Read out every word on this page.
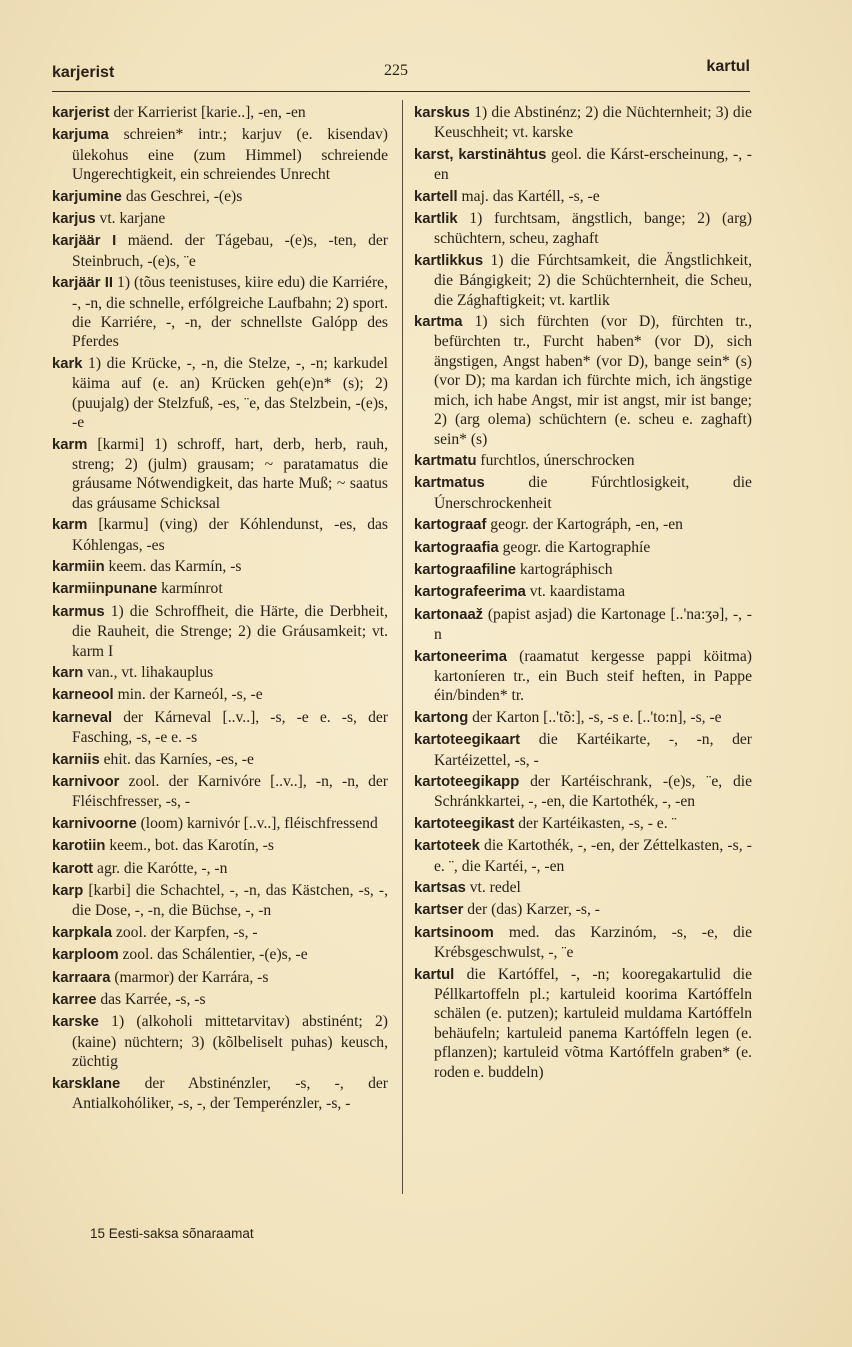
karjerist	225	kartul

karjerist der Karrierist [karie..], -en, -en

karjuma schreien* intr.; karjuv (e. kisendav) ülekohus eine (zum Himmel) schreiende Ungerechtigkeit, ein schreiendes Unrecht

karjumine das Geschrei, -(e)s

karjus vt. karjane

karjäär I mäend. der Tágebau, -(e)s, -ten, der Steinbruch, -(e)s, ¨e

karjäär II 1) (tõus teenistuses, kiire edu) die Karriére, -, -n, die schnelle, erfólgreiche Laufbahn; 2) sport. die Karriére, -, -n, der schnellste Galópp des Pferdes

kark 1) die Krücke, -, -n, die Stelze, -, -n; karkudel käima auf (e. an) Krücken geh(e)n* (s); 2) (puujalg) der Stelzfuß, -es, ¨e, das Stelzbein, -(e)s, -e

karm [karmi] 1) schroff, hart, derb, herb, rauh, streng; 2) (julm) grausam; ~ paratamatus die gráusame Nótwendigkeit, das harte Muß; ~ saatus das gráusame Schicksal

karm [karmu] (ving) der Kóhlendunst, -es, das Kóhlengas, -es

karmiin keem. das Karmín, -s

karmiinpunane karmínrot

karmus 1) die Schroffheit, die Härte, die Derbheit, die Rauheit, die Strenge; 2) die Gráusamkeit; vt. karm I

karn van., vt. lihakauplus

karneool min. der Karneól, -s, -e

karneval der Kárneval [..v..], -s, -e e. -s, der Fasching, -s, -e e. -s

karniis ehit. das Karníes, -es, -e

karnivoor zool. der Karnivóre [..v..], -n, -n, der Fléischfresser, -s, -

karnivoorne (loom) karnivór [..v..], fléischfressend

karotiin keem., bot. das Karotín, -s

karott agr. die Karótte, -, -n

karp [karbi] die Schachtel, -, -n, das Kästchen, -s, -, die Dose, -, -n, die Büchse, -, -n

karpkala zool. der Karpfen, -s, -

karploom zool. das Schálentier, -(e)s, -e

karraara (marmor) der Karrára, -s

karree das Karrée, -s, -s

karske 1) (alkoholi mittetarvitav) abstinént; 2) (kaine) nüchtern; 3) (kõlbeliselt puhas) keusch, züchtig

karsklane der Abstinénzler, -s, -, der Antialkohóliker, -s, -, der Temperénzler, -s, -

karskus 1) die Abstinénz; 2) die Nüchternheit; 3) die Keuschheit; vt. karske

karst, karstinähtus geol. die Kárst-erscheinung, -, -en

kartell maj. das Kartéll, -s, -e

kartlik 1) furchtsam, ängstlich, bange; 2) (arg) schüchtern, scheu, zaghaft

kartlikkus 1) die Fúrchtsamkeit, die Ängstlichkeit, die Bángigkeit; 2) die Schüchternheit, die Scheu, die Zághaftigkeit; vt. kartlik

kartma 1) sich fürchten (vor D), fürchten tr., befürchten tr., Furcht haben* (vor D), sich ängstigen, Angst haben* (vor D), bange sein* (s) (vor D); ma kardan ich fürchte mich, ich ängstige mich, ich habe Angst, mir ist angst, mir ist bange; 2) (arg olema) schüchtern (e. scheu e. zaghaft) sein* (s)

kartmatu furchtlos, únerschrocken

kartmatus	die Fúrchtlosigkeit, die Únerschrockenheit

kartograaf geogr. der Kartográph, -en, -en

kartograafia geogr. die Kartographíe

kartograafiline kartográphisch

kartografeerima vt. kaardistama

kartonaaž (papist asjad) die Kartonage [..'na:ʒə], -, -n

kartoneerima (raamatut kergesse pappi köitma) kartoníeren tr., ein Buch steif heften, in Pappe éin/binden* tr.

kartong der Karton [..'tõ:], -s, -s e. [..'to:n], -s, -e

kartoteegikaart die Kartéikarte, -, -n, der Kartéizettel, -s, -

kartoteegikapp der Kartéischrank, -(e)s, ¨e, die Schránkkartei, -, -en, die Kartothék, -, -en

kartoteegikast der Kartéikasten, -s, - e. ¨

kartoteek die Kartothék, -, -en, der Zéttelkasten, -s, - e. ¨, die Kartéi, -, -en

kartsas vt. redel

kartser der (das) Karzer, -s, -

kartsinoom med. das Karzinóm, -s, -e, die Krébsgeschwulst, -, ¨e

kartul die Kartóffel, -, -n; kooregakartulid die Péllkartoffeln pl.; kartuleid koorima Kartóffeln schälen (e. putzen); kartuleid muldama Kartóffeln behäufeln; kartuleid panema Kartóffeln legen (e. pflanzen); kartuleid võtma Kartóffeln graben* (e. roden e. buddeln)

15 Eesti-saksa sõnaraamat
